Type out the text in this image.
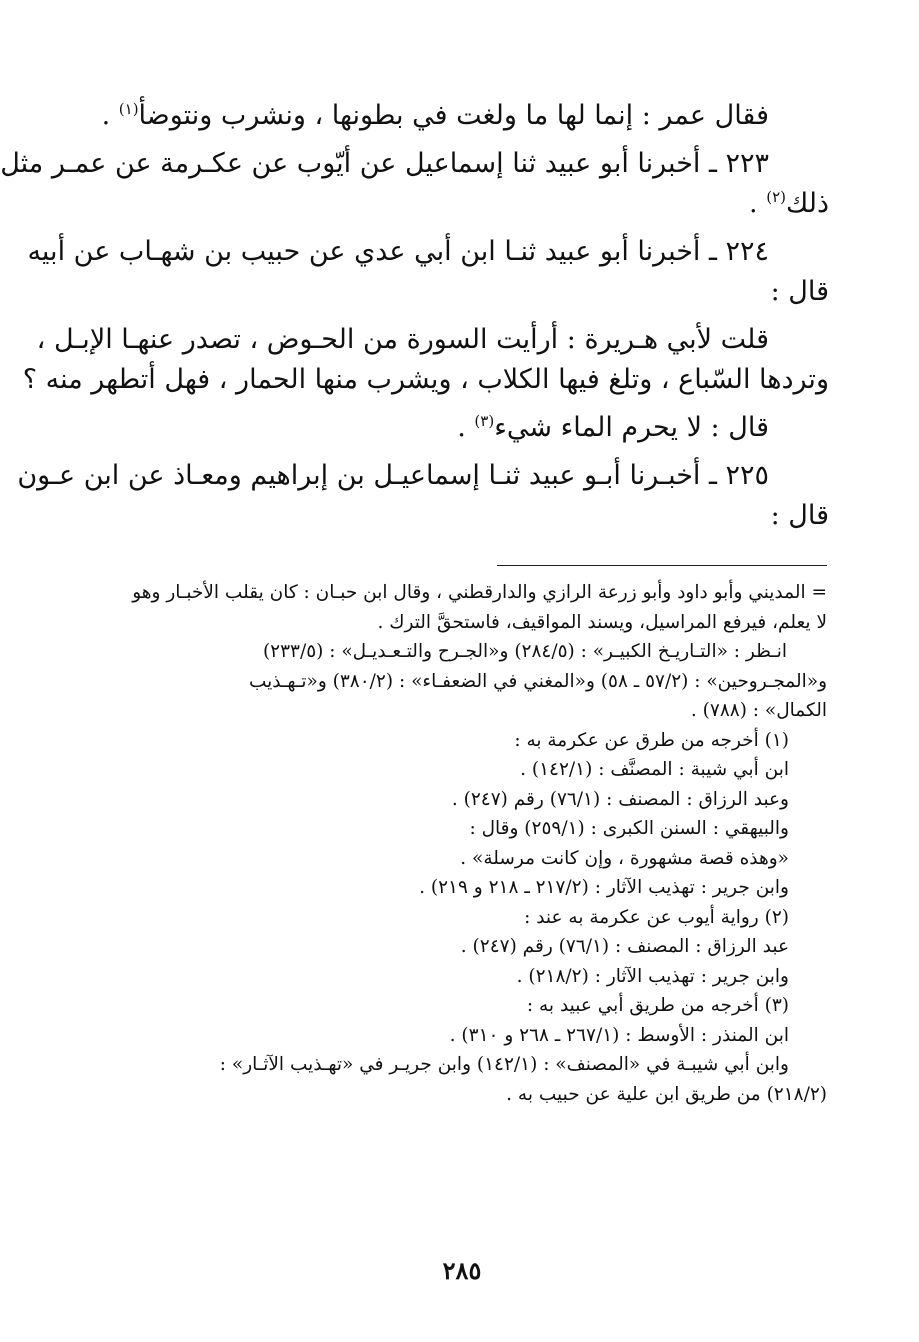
فقال عمر : إنما لها ما ولغت في بطونها ، ونشرب ونتوضأ$^{(١)}$ .

٢٢٣ ـ أخبرنا أبو عبيد ثنا إسماعيل عن أيّوب عن عكـرمة عن عمـر مثل

ذلك$^{(٢)}$ .

٢٢٤ ـ أخبرنا أبو عبيد ثنـا ابن أبي عدي عن حبيب بن شهـاب عن أبيه

قال :

قلت لأبي هـريرة : أرأيت السورة من الحـوض ، تصدر عنهـا الإبـل ،

وتردها السّباع ، وتلغ فيها الكلاب ، ويشرب منها الحمار ، فهل أتطهر منه ؟

قال : لا يحرم الماء شيء$^{(٣)}$ .

٢٢٥ ـ أخبـرنا أبـو عبيد ثنـا إسماعيـل بن إبراهيم ومعـاذ عن ابن عـون

قال :

= المديني وأبو داود وأبو زرعة الرازي والدارقطني ، وقال ابن حبـان : كان يقلب الأخبـار وهو

لا يعلم، فيرفع المراسيل، ويسند المواقيف، فاستحقَّ الترك .

انـظر : «التـاريـخ الكبيـر» : (٢٨٤/٥) و«الجـرح والتـعـديـل» : (٢٣٣/٥)

و«المجـروحين» : (٥٧/٢ ـ ٥٨) و«المغني في الضعفـاء» : (٣٨٠/٢) و«تـهـذيب

الكمال» : (٧٨٨) .

(١) أخرجه من طرق عن عكرمة به :

ابن أبي شيبة : المصنَّف : (١٤٢/١) .

وعبد الرزاق : المصنف : (٧٦/١) رقم (٢٤٧) .

والبيهقي : السنن الكبرى : (٢٥٩/١) وقال :

«وهذه قصة مشهورة ، وإن كانت مرسلة» .

وابن جرير : تهذيب الآثار : (٢١٧/٢ ـ ٢١٨ و ٢١٩) .

(٢) رواية أيوب عن عكرمة به عند :

عبد الرزاق : المصنف : (٧٦/١) رقم (٢٤٧) .

وابن جرير : تهذيب الآثار : (٢١٨/٢) .

(٣) أخرجه من طريق أبي عبيد به :

ابن المنذر : الأوسط : (٢٦٧/١ ـ ٢٦٨ و ٣١٠) .

وابن أبي شيبـة في «المصنف» : (١٤٢/١) وابن جريـر في «تهـذيب الآثـار» :

(٢١٨/٢) من طريق ابن علية عن حبيب به .

٢٨٥
